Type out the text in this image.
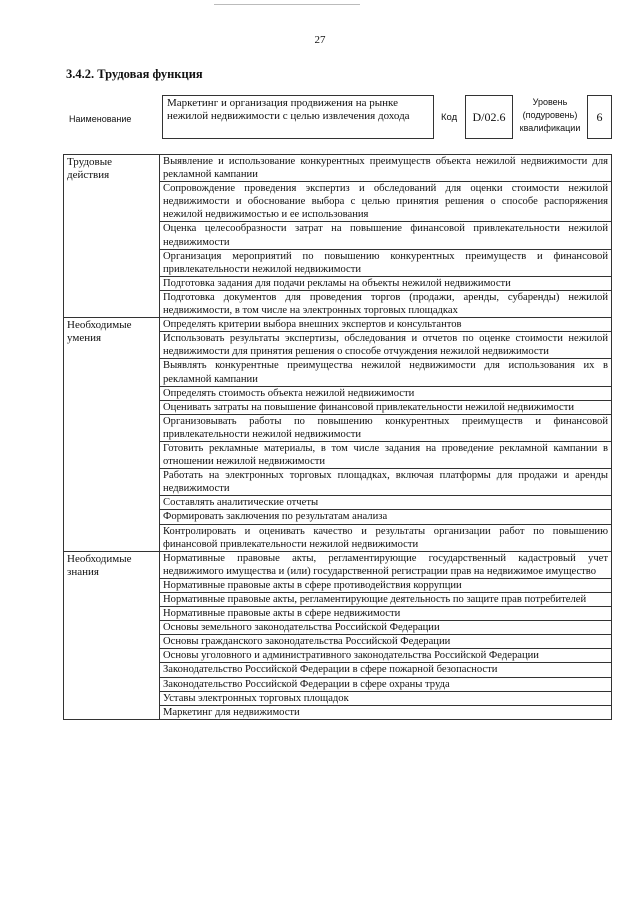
27
3.4.2. Трудовая функция
Наименование
Маркетинг и организация продвижения на рынке нежилой недвижимости с целью извлечения дохода	Код	D/02.6
Уровень
(подуровень)
квалификации
6
Трудовые действия	Выявление и использование конкурентных преимуществ объекта нежилой недвижимости для рекламной кампании
	Сопровождение проведения экспертиз и обследований для оценки стоимости нежилой недвижимости и обоснование выбора с целью принятия решения о способе распоряжения нежилой недвижимостью и ее использования
	Оценка целесообразности затрат на повышение финансовой привлекательности нежилой недвижимости
	Организация мероприятий по повышению конкурентных преимуществ и финансовой привлекательности нежилой недвижимости
	Подготовка задания для подачи рекламы на объекты нежилой недвижимости
	Подготовка документов для проведения торгов (продажи, аренды, субаренды) нежилой недвижимости, в том числе на электронных торговых площадках
Необходимые умения	Определять критерии выбора внешних экспертов и консультантов
	Использовать результаты экспертизы, обследования и отчетов по оценке стоимости нежилой недвижимости для принятия решения о способе отчуждения нежилой недвижимости
	Выявлять конкурентные преимущества нежилой недвижимости для использования их в рекламной кампании
	Определять стоимость объекта нежилой недвижимости
	Оценивать затраты на повышение финансовой привлекательности нежилой недвижимости
	Организовывать работы по повышению конкурентных преимуществ и финансовой привлекательности нежилой недвижимости
	Готовить рекламные материалы, в том числе задания на проведение рекламной кампании в отношении нежилой недвижимости
	Работать на электронных торговых площадках, включая платформы для продажи и аренды недвижимости
	Составлять аналитические отчеты
	Формировать заключения по результатам анализа
	Контролировать и оценивать качество и результаты организации работ по повышению финансовой привлекательности нежилой недвижимости
Необходимые знания	Нормативные правовые акты, регламентирующие государственный кадастровый учет недвижимого имущества и (или) государственной регистрации прав на недвижимое имущество
	Нормативные правовые акты в сфере противодействия коррупции
	Нормативные правовые акты, регламентирующие деятельность по защите прав потребителей
	Нормативные правовые акты в сфере недвижимости
	Основы земельного законодательства Российской Федерации
	Основы гражданского законодательства Российской Федерации
	Основы уголовного и административного законодательства Российской Федерации
	Законодательство Российской Федерации в сфере пожарной безопасности
	Законодательство Российской Федерации в сфере охраны труда
	Уставы электронных торговых площадок
	Маркетинг для недвижимости
